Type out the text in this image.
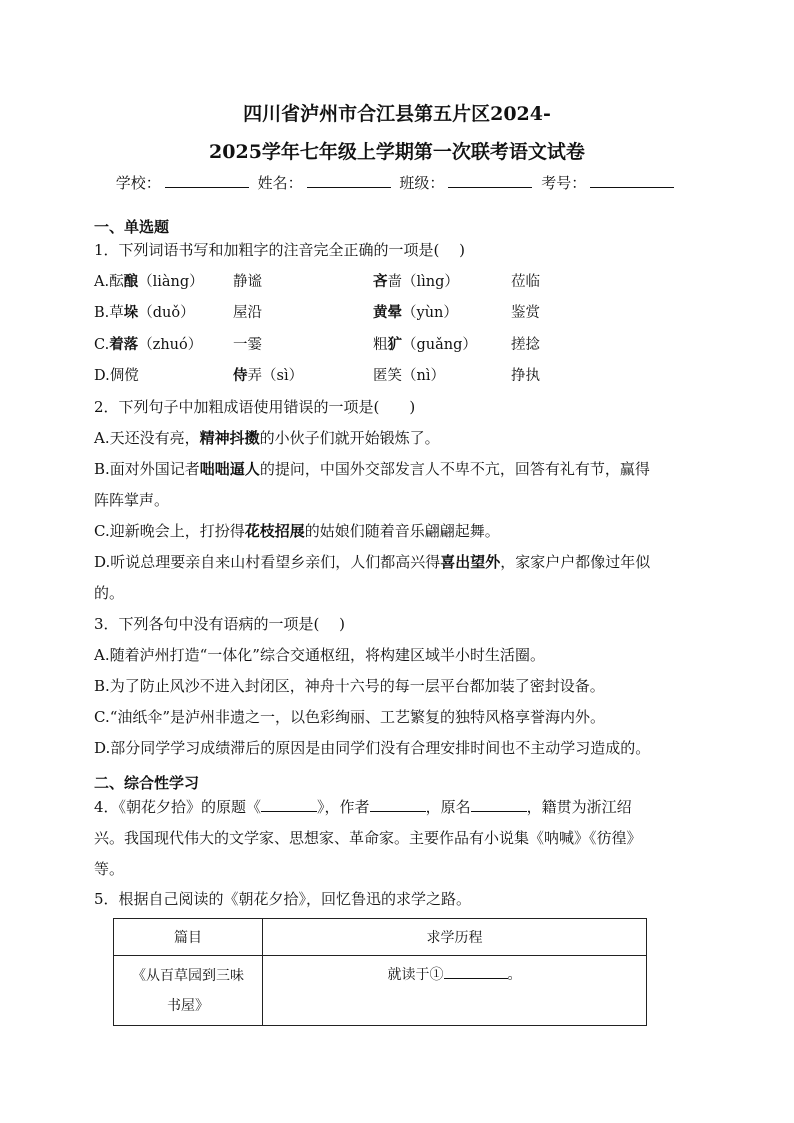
四川省泸州市合江县第五片区2024-
2025学年七年级上学期第一次联考语文试卷
学校：	姓名：	班级：	考号：
一、单选题
1．下列词语书写和加粗字的注音完全正确的一项是(　 )
A.酝酿（liàng） 静谧	吝啬（lìng）	莅临
B.草垛（duǒ）	屋沿	黄晕（yùn）	鉴赏
C.着落（zhuó） 一霎	粗犷（guǎng） 搓捻
D.倜傥	侍弄（sì）	匿笑（nì）	挣执
2．下列句子中加粗成语使用错误的一项是(　　)
A.天还没有亮，精神抖擞的小伙子们就开始锻炼了。
B.面对外国记者咄咄逼人的提问，中国外交部发言人不卑不亢，回答有礼有节，赢得
阵阵掌声。
C.迎新晚会上，打扮得花枝招展的姑娘们随着音乐翩翩起舞。
D.听说总理要亲自来山村看望乡亲们，人们都高兴得喜出望外，家家户户都像过年似
的。
3．下列各句中没有语病的一项是(　 )
A.随着泸州打造“一体化”综合交通枢纽，将构建区域半小时生活圈。
B.为了防止风沙不进入封闭区，神舟十六号的每一层平台都加装了密封设备。
C.“油纸伞”是泸州非遗之一，以色彩绚丽、工艺繁复的独特风格享誉海内外。
D.部分同学学习成绩滞后的原因是由同学们没有合理安排时间也不主动学习造成的。
二、综合性学习
4．《朝花夕拾》的原题《	》，作者	，原名	，籍贯为浙江绍
兴。我国现代伟大的文学家、思想家、革命家。主要作品有小说集《呐喊》《彷徨》
等。
5．根据自己阅读的《朝花夕拾》，回忆鲁迅的求学之路。
篇目	求学历程
《从百草园到三味
书屋》	就读于① 。
